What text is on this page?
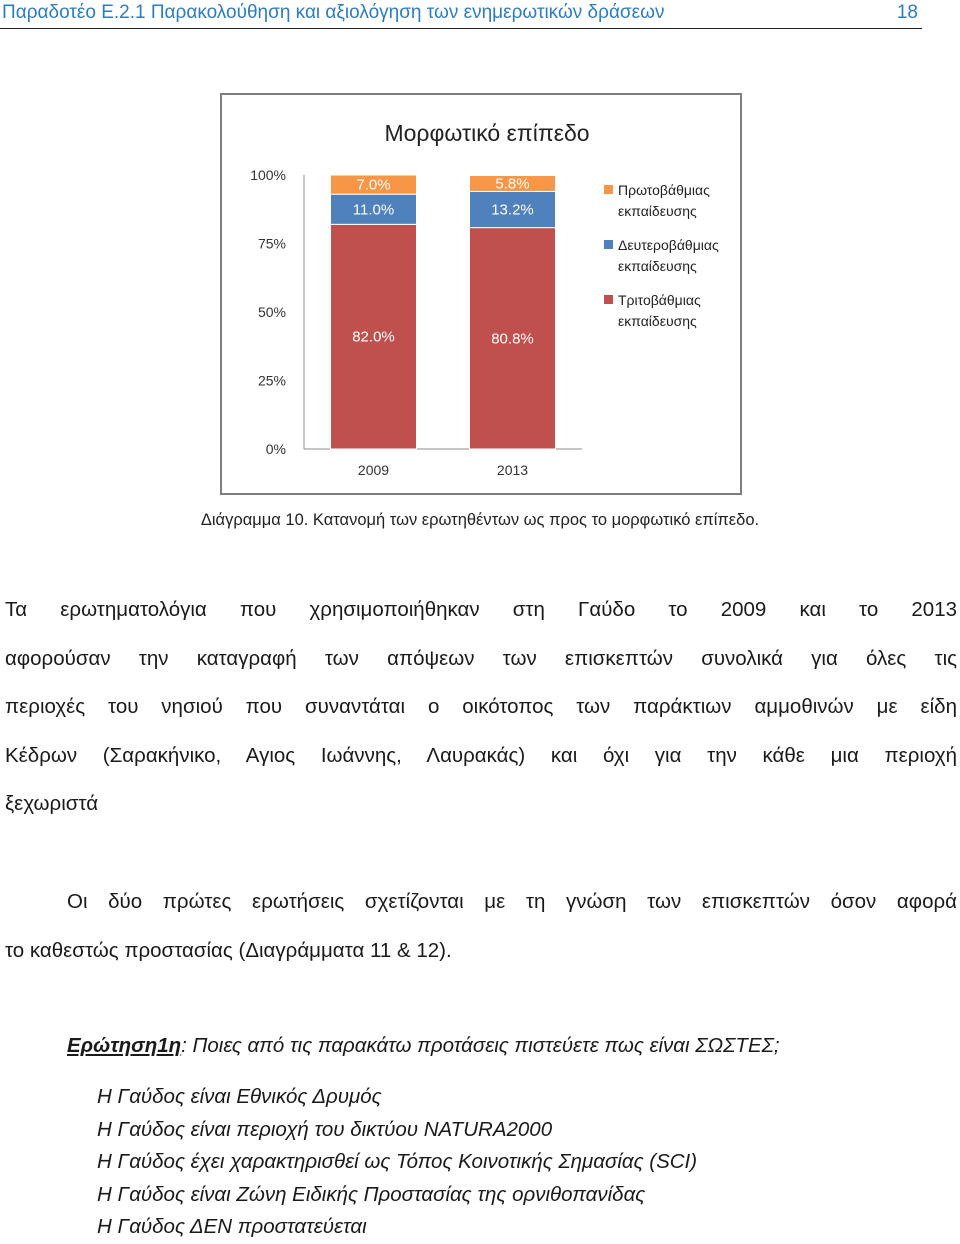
Παραδοτέο Ε.2.1 Παρακολούθηση και αξιολόγηση των ενημερωτικών δράσεων	18
Μορφωτικό επίπεδο
0%
25%
50%
75%
100%
82.0%
11.0%
7.0%
2009
80.8%
13.2%
5.8%
2013
Πρωτοβάθμιας
εκπαίδευσης
Δευτεροβάθμιας
εκπαίδευσης
Τριτοβάθμιας
εκπαίδευσης
Διάγραμμα 10. Κατανομή των ερωτηθέντων ως προς το μορφωτικό επίπεδο.

Τα ερωτηματολόγια που χρησιμοποιήθηκαν στη Γαύδο το 2009 και το 2013
αφορούσαν την καταγραφή των απόψεων των επισκεπτών συνολικά για όλες τις
περιοχές του νησιού που συναντάται ο οικότοπος των παράκτιων αμμοθινών με είδη
Κέδρων (Σαρακήνικο, Αγιος Ιωάννης, Λαυρακάς) και όχι για την κάθε μια περιοχή
ξεχωριστά

Οι δύο πρώτες ερωτήσεις σχετίζονται με τη γνώση των επισκεπτών όσον αφορά
το καθεστώς προστασίας (Διαγράμματα 11 & 12).

Ερώτηση1η: Ποιες από τις παρακάτω προτάσεις πιστεύετε πως είναι ΣΩΣΤΕΣ;
Η Γαύδος είναι Εθνικός Δρυμός
Η Γαύδος είναι περιοχή του δικτύου NATURA2000
Η Γαύδος έχει χαρακτηρισθεί ως Τόπος Κοινοτικής Σημασίας (SCI)
Η Γαύδος είναι Ζώνη Ειδικής Προστασίας της ορνιθοπανίδας
Η Γαύδος ΔΕΝ προστατεύεται
